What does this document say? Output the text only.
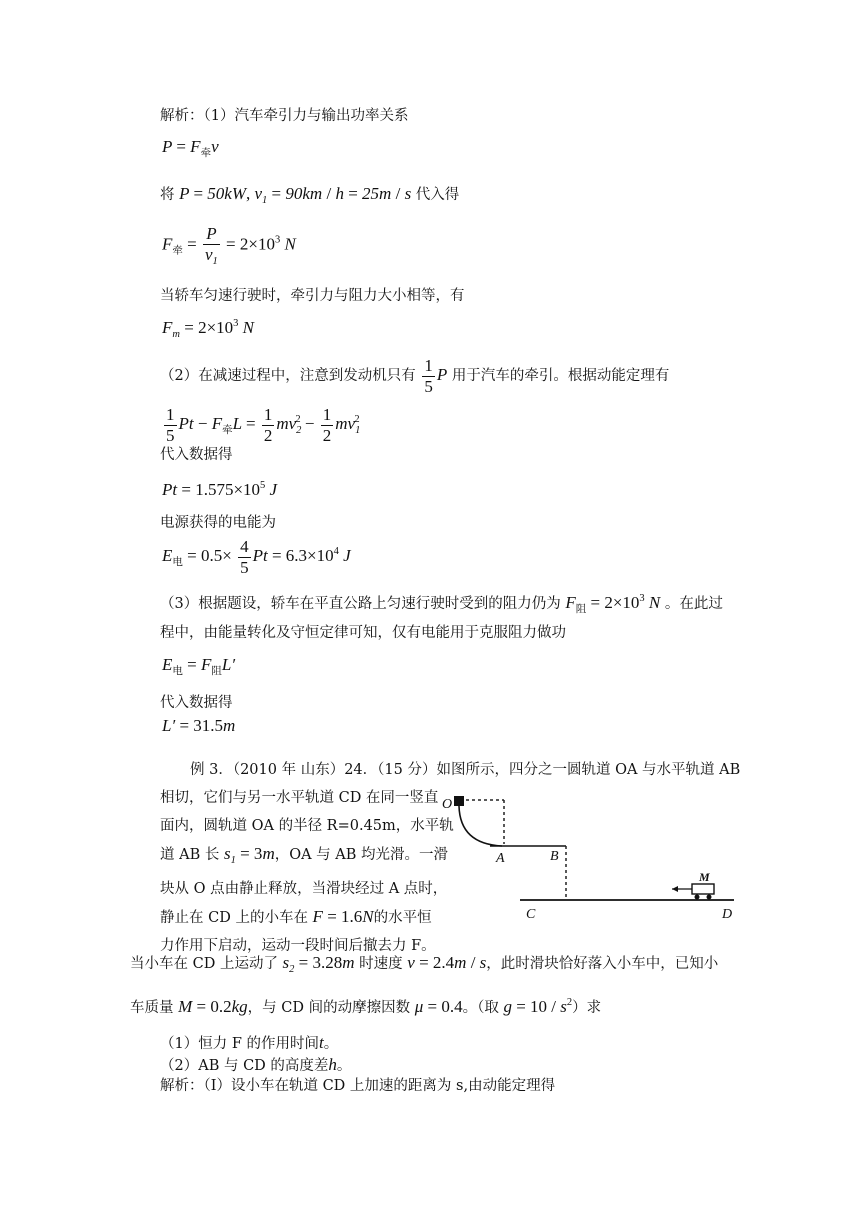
解析：（1）汽车牵引力与输出功率关系
$P = F_牵v$
将 P = 50kW, $v_1 = 90km / h = 25m / s$ 代入得
$F_牵 = \frac{P}{v_1} = 2\times 10^3$ N
当轿车匀速行驶时，牵引力与阻力大小相等，有
$F_m = 2\times 10^3$ N
（2）在减速过程中，注意到发动机只有 $\frac{1}{5}$ P 用于汽车的牵引。根据动能定理有
$\frac{1}{5}$ $Pt - F_牵L = \frac{1}{2} mv_2^2 - \frac{1}{2} mv_1^2$
代入数据得
$Pt = 1.575\times 10^5$ J
电源获得的电能为
$E_电 = 0.5\times \frac{4}{5}$ $Pt = 6.3\times 10^4$ J
（3）根据题设，轿车在平直公路上匀速行驶时受到的阻力仍为 $F_阻 = 2\times 10^3$ N 。在此过
程中，由能量转化及守恒定律可知，仅有电能用于克服阻力做功
$E_电 = F_阻L'$
代入数据得
L′ = 31.5m
例 3．（2010 年 山东）24．（15 分）如图所示，四分之一圆轨道 OA 与水平轨道 AB
相切，它们与另一水平轨道 CD 在同一竖直
面内，圆轨道 OA 的半径 R=0.45m，水平轨
道 AB 长 $s_1 = 3m$，OA 与 AB 均光滑。一滑
块从 O 点由静止释放，当滑块经过 A 点时，
静止在 CD 上的小车在 F = 1.6N的水平恒
力作用下启动，运动一段时间后撤去力 F。
O
A	B
C	D
M
当小车在 CD 上运动了 $s_2 = 3.28m$ 时速度 v = 2.4m / s，此时滑块恰好落入小车中，已知小
车质量 M = 0.2kg，与 CD 间的动摩擦因数 μ = 0.4。（取 $g = 10 / s^2$）求
（1）恒力 F 的作用时间t。
（2）AB 与 CD 的高度差h。
解析：（Ⅰ）设小车在轨道 CD 上加速的距离为 s,由动能定理得
